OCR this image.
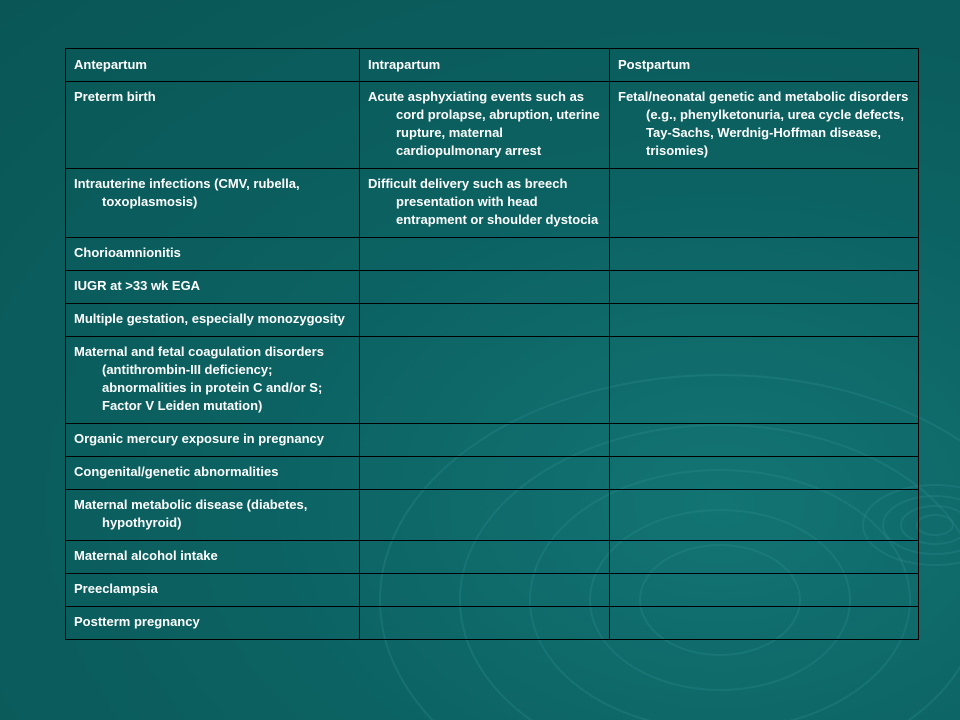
Antepartum	Intrapartum	Postpartum

Preterm birth	Acute asphyxiating events such as cord prolapse, abruption, uterine rupture, maternal cardiopulmonary arrest	Fetal/neonatal genetic and metabolic disorders (e.g., phenylketonuria, urea cycle defects, Tay-Sachs, Werdnig-Hoffman disease, trisomies)

Intrauterine infections (CMV, rubella, toxoplasmosis)	Difficult delivery such as breech presentation with head entrapment or shoulder dystocia	

Chorioamnionitis		

IUGR at >33 wk EGA		

Multiple gestation, especially monozygosity		

Maternal and fetal coagulation disorders (antithrombin-III deficiency; abnormalities in protein C and/or S; Factor V Leiden mutation)		

Organic mercury exposure in pregnancy		

Congenital/genetic abnormalities		

Maternal metabolic disease (diabetes, hypothyroid)		

Maternal alcohol intake		

Preeclampsia		

Postterm pregnancy		
